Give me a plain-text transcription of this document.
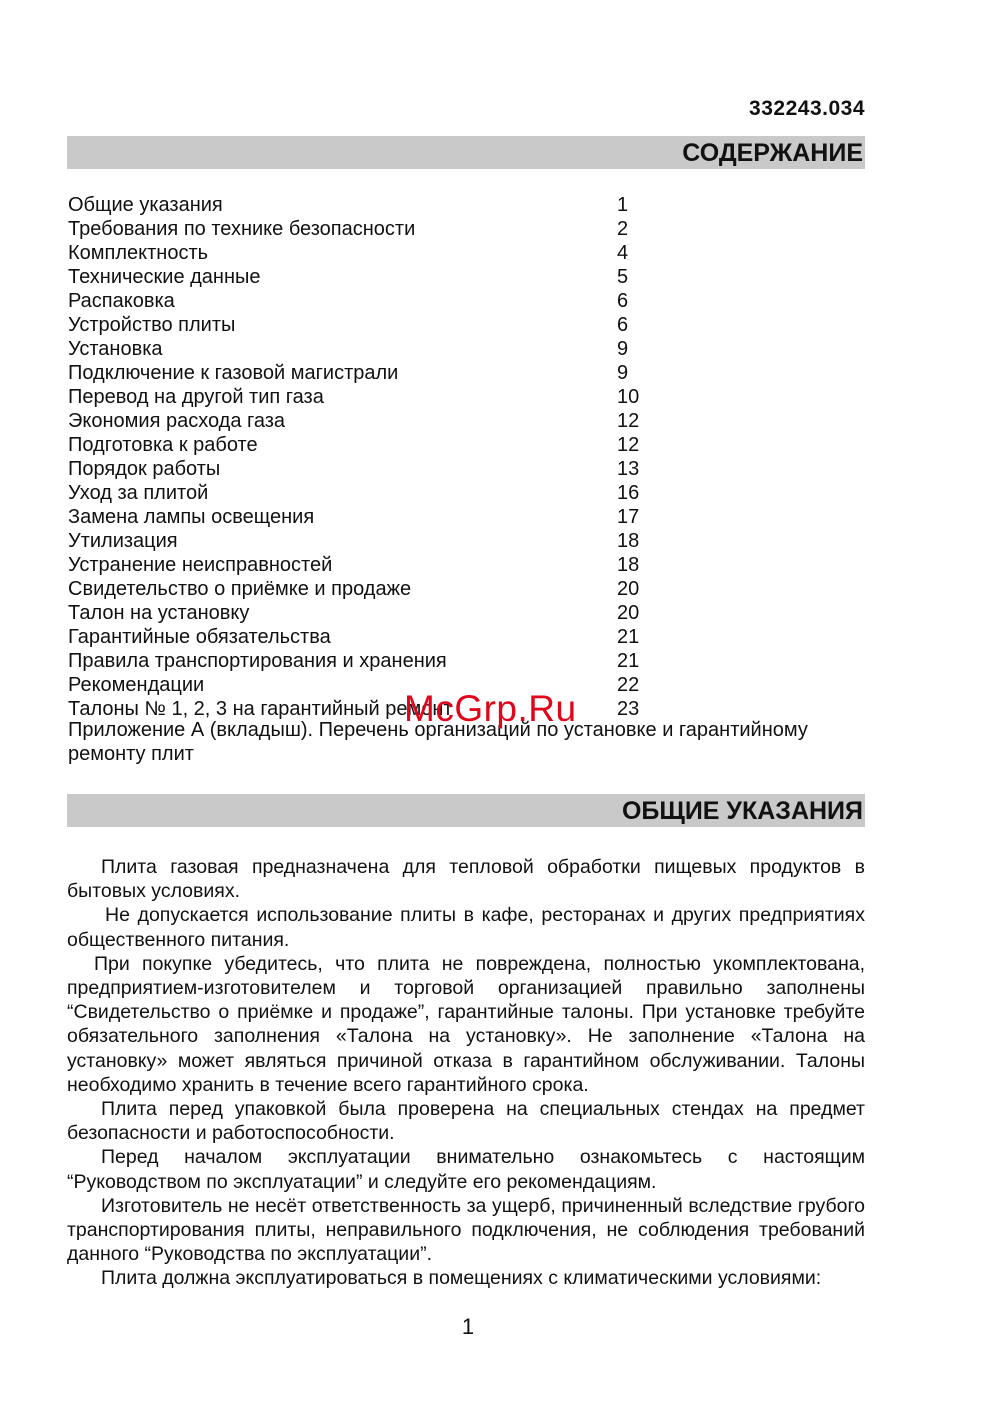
332243.034
СОДЕРЖАНИЕ
Общие указания	1
Требования по технике безопасности	2
Комплектность	4
Технические данные	5
Распаковка	6
Устройство плиты	6
Установка	9
Подключение к газовой магистрали	9
Перевод на другой тип газа	10
Экономия расхода газа	12
Подготовка к работе	12
Порядок работы	13
Уход за плитой	16
Замена лампы освещения	17
Утилизация	18
Устранение неисправностей	18
Свидетельство о приёмке и продаже	20
Талон на установку	20
Гарантийные обязательства	21
Правила транспортирования и хранения	21
Рекомендации	22
Талоны № 1, 2, 3 на гарантийный ремонт	23
Приложение А (вкладыш). Перечень организаций по установке и гарантийному ремонту плит
ОБЩИЕ УКАЗАНИЯ

Плита газовая предназначена для тепловой обработки пищевых продуктов в бытовых условиях.

Не допускается использование плиты в кафе, ресторанах и других предприятиях общественного питания.

При покупке убедитесь, что плита не повреждена, полностью укомплектована, предприятием-изготовителем и торговой организацией правильно заполнены “Свидетельство о приёмке и продаже”, гарантийные талоны. При установке требуйте обязательного заполнения «Талона на установку». Не заполнение «Талона на установку» может являться причиной отказа в гарантийном обслуживании. Талоны необходимо хранить в течение всего гарантийного срока.

Плита перед упаковкой была проверена на специальных стендах на предмет безопасности и работоспособности.

Перед началом эксплуатации внимательно ознакомьтесь с настоящим “Руководством по эксплуатации” и следуйте его рекомендациям.

Изготовитель не несёт ответственность за ущерб, причиненный вследствие грубого транспортирования плиты, неправильного подключения, не соблюдения требований данного “Руководства по эксплуатации”.

Плита должна эксплуатироваться в помещениях с климатическими условиями:

1
McGrp.Ru
